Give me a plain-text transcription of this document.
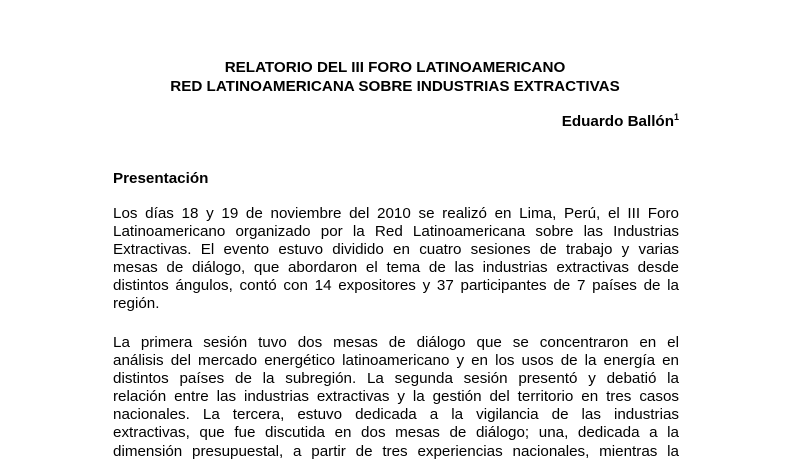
RELATORIO DEL III FORO LATINOAMERICANO
RED LATINOAMERICANA SOBRE INDUSTRIAS EXTRACTIVAS
Eduardo Ballón$^1$
Presentación
Los días 18 y 19 de noviembre del 2010 se realizó en Lima, Perú, el III Foro
Latinoamericano organizado por la Red Latinoamericana sobre las Industrias
Extractivas. El evento estuvo dividido en cuatro sesiones de trabajo y varias
mesas de diálogo, que abordaron el tema de las industrias extractivas desde
distintos ángulos, contó con 14 expositores y 37 participantes de 7 países de la
región.
La primera sesión tuvo dos mesas de diálogo que se concentraron en el
análisis del mercado energético latinoamericano y en los usos de la energía en
distintos países de la subregión. La segunda sesión presentó y debatió la
relación entre las industrias extractivas y la gestión del territorio en tres casos
nacionales. La tercera, estuvo dedicada a la vigilancia de las industrias
extractivas, que fue discutida en dos mesas de diálogo; una, dedicada a la
dimensión presupuestal, a partir de tres experiencias nacionales, mientras la
